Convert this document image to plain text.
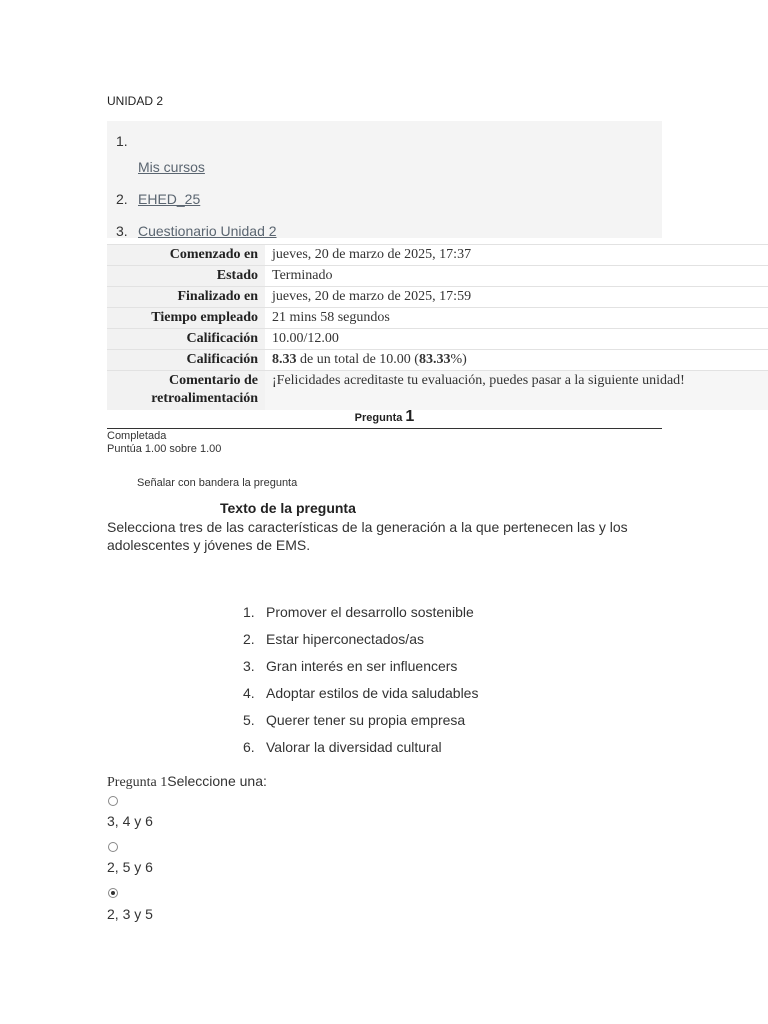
UNIDAD 2
1.
Mis cursos
2. EHED_25
3. Cuestionario Unidad 2
Comenzado en	jueves, 20 de marzo de 2025, 17:37
Estado	Terminado
Finalizado en	jueves, 20 de marzo de 2025, 17:59
Tiempo empleado	21 mins 58 segundos
Calificación	10.00/12.00
Calificación	8.33 de un total de 10.00 (83.33%)
Comentario de
retroalimentación	¡Felicidades acreditaste tu evaluación, puedes pasar a la siguiente unidad!
Pregunta 1
Completada
Puntúa 1.00 sobre 1.00
Señalar con bandera la pregunta
Texto de la pregunta
Selecciona tres de las características de la generación a la que pertenecen las y los adolescentes y jóvenes de EMS.
1. Promover el desarrollo sostenible
2. Estar hiperconectados/as
3. Gran interés en ser influencers
4. Adoptar estilos de vida saludables
5. Querer tener su propia empresa
6. Valorar la diversidad cultural
Pregunta 1Seleccione una:
3, 4 y 6
2, 5 y 6
2, 3 y 5
